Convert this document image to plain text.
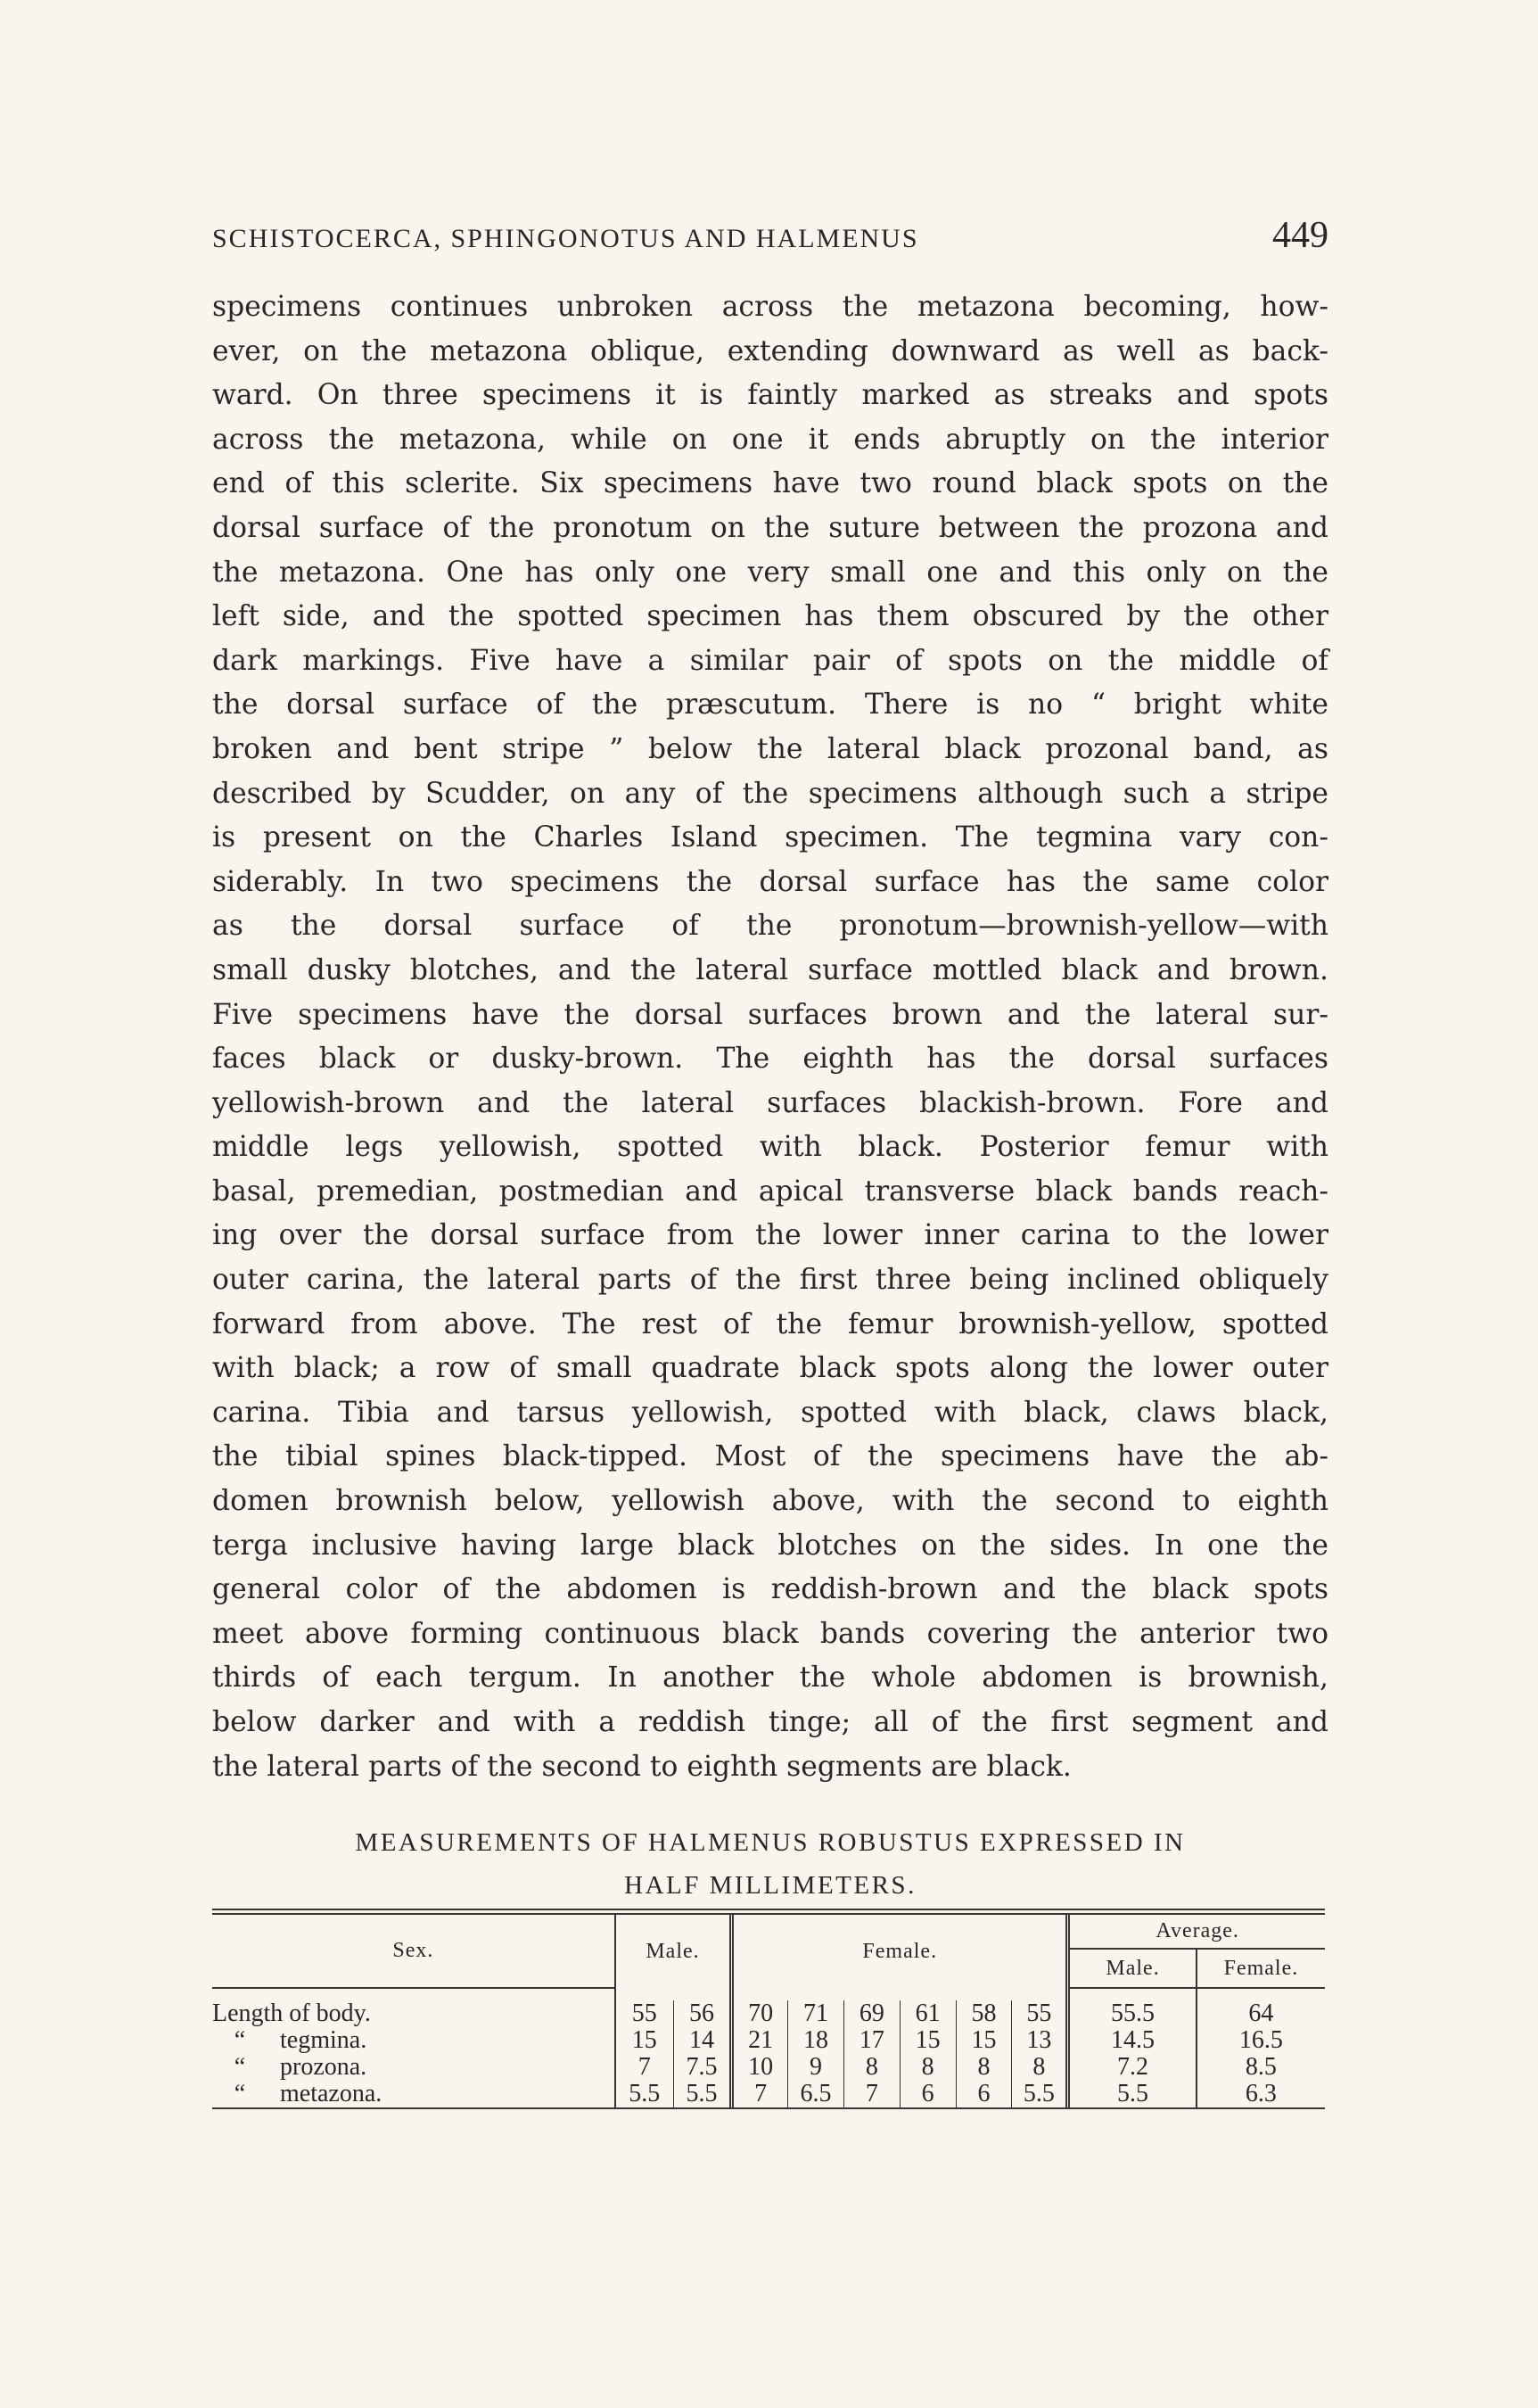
SCHISTOCERCA, SPHINGONOTUS AND HALMENUS	449
specimens continues unbroken across the metazona becoming, how-
ever, on the metazona oblique, extending downward as well as back-
ward. On three specimens it is faintly marked as streaks and spots
across the metazona, while on one it ends abruptly on the interior
end of this sclerite. Six specimens have two round black spots on the
dorsal surface of the pronotum on the suture between the prozona and
the metazona. One has only one very small one and this only on the
left side, and the spotted specimen has them obscured by the other
dark markings. Five have a similar pair of spots on the middle of
the dorsal surface of the præscutum. There is no “ bright white
broken and bent stripe ” below the lateral black prozonal band, as
described by Scudder, on any of the specimens although such a stripe
is present on the Charles Island specimen. The tegmina vary con-
siderably. In two specimens the dorsal surface has the same color
as the dorsal surface of the pronotum—brownish-yellow—with
small dusky blotches, and the lateral surface mottled black and brown.
Five specimens have the dorsal surfaces brown and the lateral sur-
faces black or dusky-brown. The eighth has the dorsal surfaces
yellowish-brown and the lateral surfaces blackish-brown. Fore and
middle legs yellowish, spotted with black. Posterior femur with
basal, premedian, postmedian and apical transverse black bands reach-
ing over the dorsal surface from the lower inner carina to the lower
outer carina, the lateral parts of the first three being inclined obliquely
forward from above. The rest of the femur brownish-yellow, spotted
with black; a row of small quadrate black spots along the lower outer
carina. Tibia and tarsus yellowish, spotted with black, claws black,
the tibial spines black-tipped. Most of the specimens have the ab-
domen brownish below, yellowish above, with the second to eighth
terga inclusive having large black blotches on the sides. In one the
general color of the abdomen is reddish-brown and the black spots
meet above forming continuous black bands covering the anterior two
thirds of each tergum. In another the whole abdomen is brownish,
below darker and with a reddish tinge; all of the first segment and
the lateral parts of the second to eighth segments are black.
MEASUREMENTS OF HALMENUS ROBUSTUS EXPRESSED IN
HALF MILLIMETERS.
Sex.	Male.		Female.						Average.	
									Male.	Female.

Length of body.	55	56	70	71	69	61	58	55	55.5	64
“ tegmina.	15	14	21	18	17	15	15	13	14.5	16.5
“ prozona.	7	7.5	10	9	8	8	8	8	7.2	8.5
“ metazona.	5.5	5.5	7	6.5	7	6	6	5.5	5.5	6.3
